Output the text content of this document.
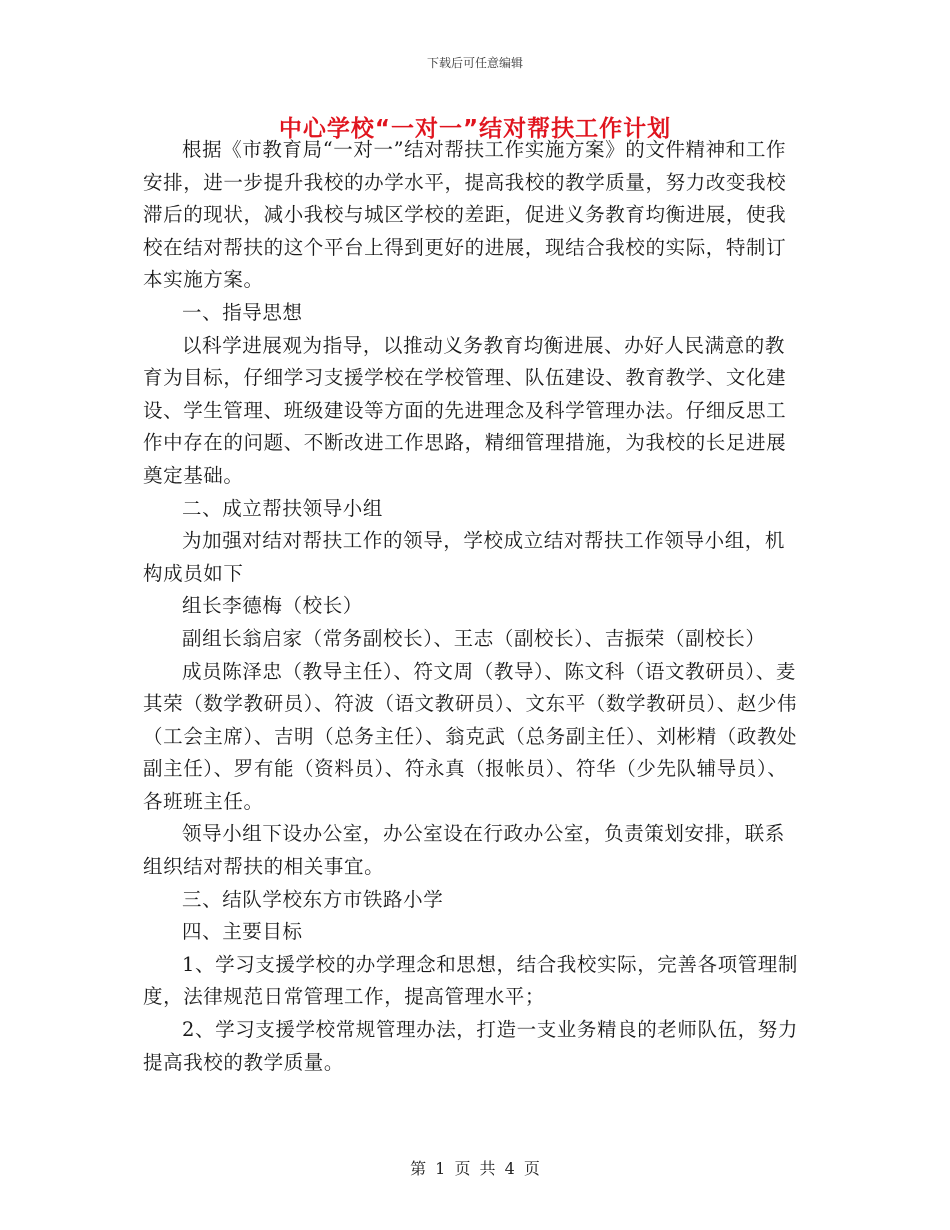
下载后可任意编辑
中心学校“一对一”结对帮扶工作计划

根据《市教育局“一对一”结对帮扶工作实施方案》的文件精神和工作安排，进一步提升我校的办学水平，提高我校的教学质量，努力改变我校滞后的现状，减小我校与城区学校的差距，促进义务教育均衡进展，使我校在结对帮扶的这个平台上得到更好的进展，现结合我校的实际，特制订本实施方案。

一、指导思想

以科学进展观为指导，以推动义务教育均衡进展、办好人民满意的教育为目标，仔细学习支援学校在学校管理、队伍建设、教育教学、文化建设、学生管理、班级建设等方面的先进理念及科学管理办法。仔细反思工作中存在的问题、不断改进工作思路，精细管理措施，为我校的长足进展奠定基础。

二、成立帮扶领导小组

为加强对结对帮扶工作的领导，学校成立结对帮扶工作领导小组，机构成员如下

组长李德梅（校长）

副组长翁启家（常务副校长）、王志（副校长）、吉振荣（副校长）

成员陈泽忠（教导主任）、符文周（教导）、陈文科（语文教研员）、麦其荣（数学教研员）、符波（语文教研员）、文东平（数学教研员）、赵少伟（工会主席）、吉明（总务主任）、翁克武（总务副主任）、刘彬精（政教处副主任）、罗有能（资料员）、符永真（报帐员）、符华（少先队辅导员）、各班班主任。

领导小组下设办公室，办公室设在行政办公室，负责策划安排，联系组织结对帮扶的相关事宜。

三、结队学校东方市铁路小学

四、主要目标

1、学习支援学校的办学理念和思想，结合我校实际，完善各项管理制度，法律规范日常管理工作，提高管理水平；

2、学习支援学校常规管理办法，打造一支业务精良的老师队伍，努力提高我校的教学质量。

第 1 页 共 4 页
